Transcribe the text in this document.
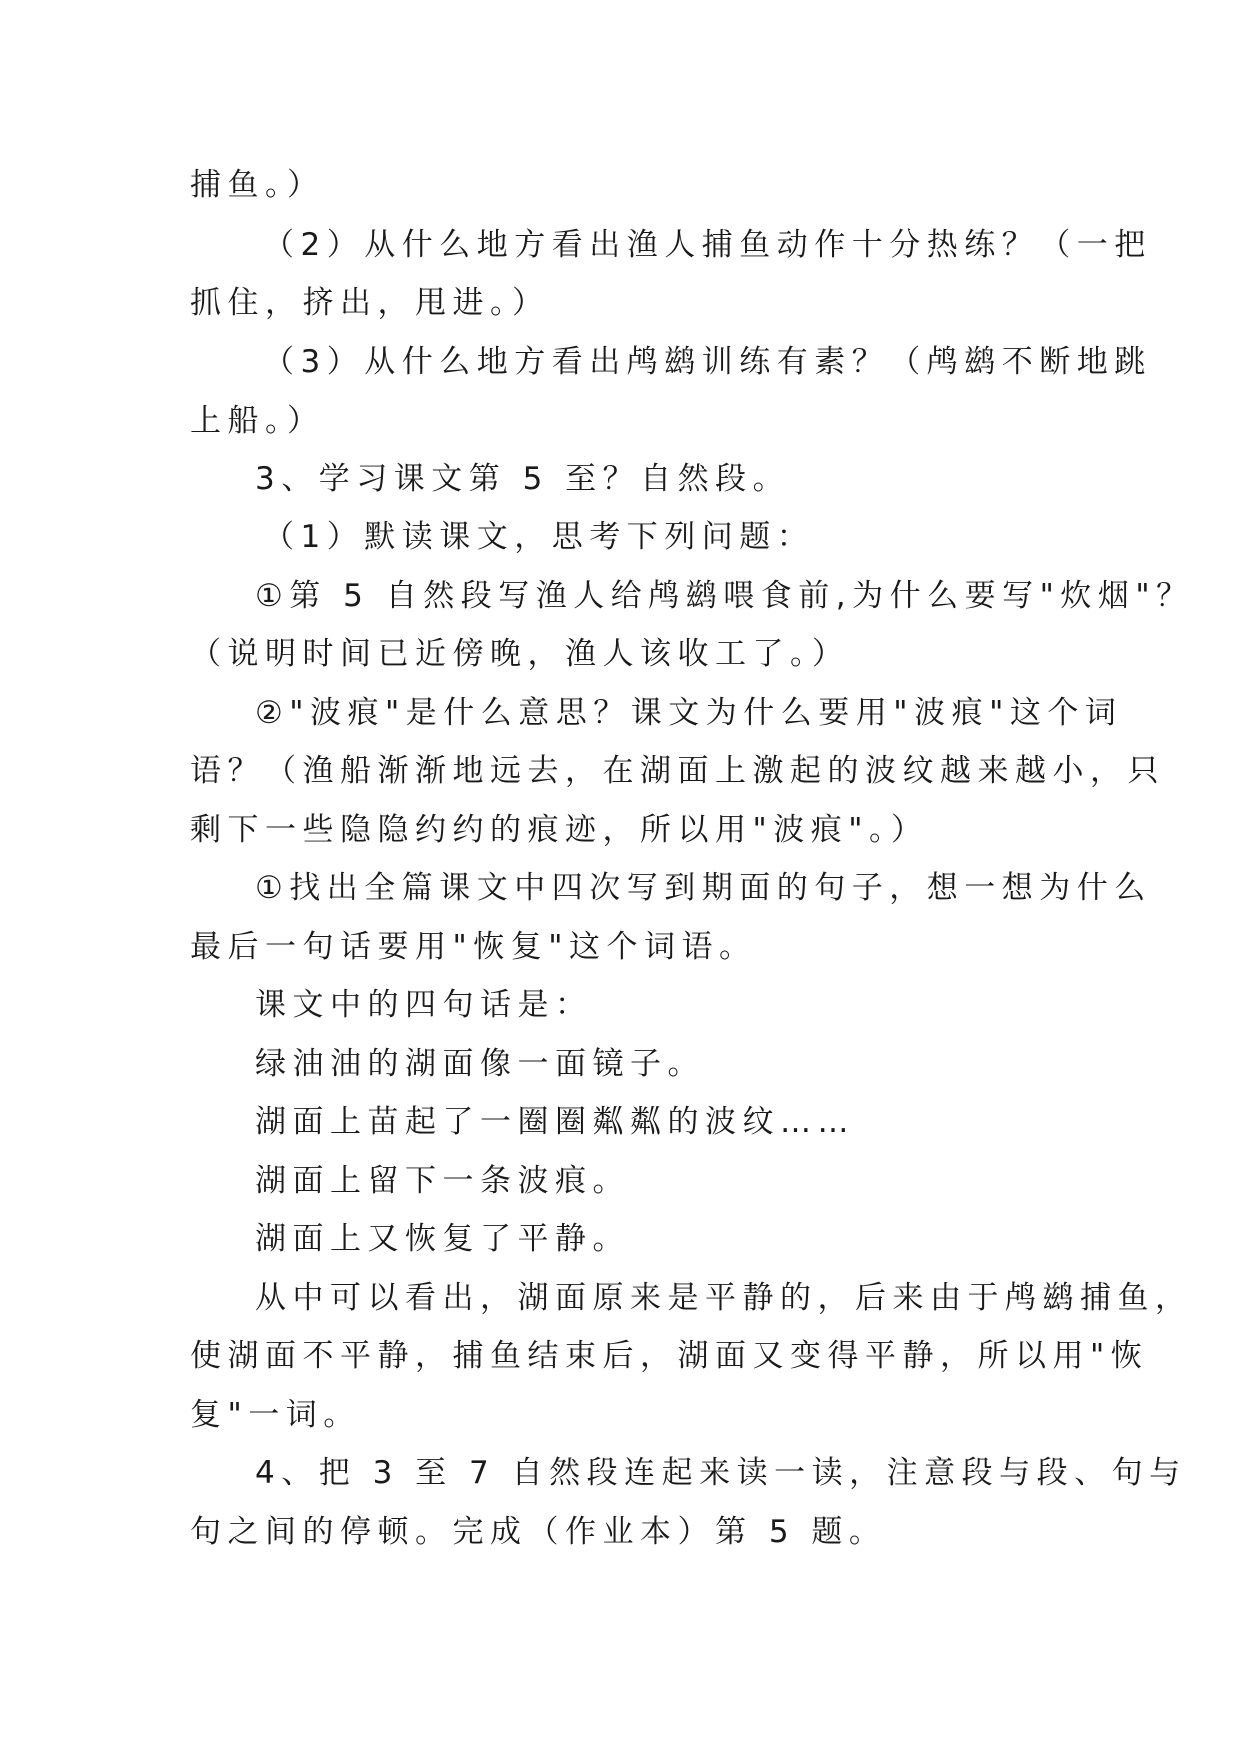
捕鱼。）
（2）从什么地方看出渔人捕鱼动作十分热练？（一把
抓住，挤出，甩进。）
（3）从什么地方看出鸬鹚训练有素？（鸬鹚不断地跳
上船。）
3、学习课文第 5 至？自然段。
（1）默读课文，思考下列问题：
①第 5 自然段写渔人给鸬鹚喂食前,为什么要写"炊烟"？
（说明时间已近傍晚，渔人该收工了。）
②"波痕"是什么意思？课文为什么要用"波痕"这个词
语？（渔船渐渐地远去，在湖面上激起的波纹越来越小，只
剩下一些隐隐约约的痕迹，所以用"波痕"。）
①找出全篇课文中四次写到期面的句子，想一想为什么
最后一句话要用"恢复"这个词语。
课文中的四句话是：
绿油油的湖面像一面镜子。
湖面上苗起了一圈圈粼粼的波纹……
湖面上留下一条波痕。
湖面上又恢复了平静。
从中可以看出，湖面原来是平静的，后来由于鸬鹚捕鱼，
使湖面不平静，捕鱼结束后，湖面又变得平静，所以用"恢
复"一词。
4、把 3 至 7 自然段连起来读一读，注意段与段、句与
句之间的停顿。完成（作业本）第 5 题。
